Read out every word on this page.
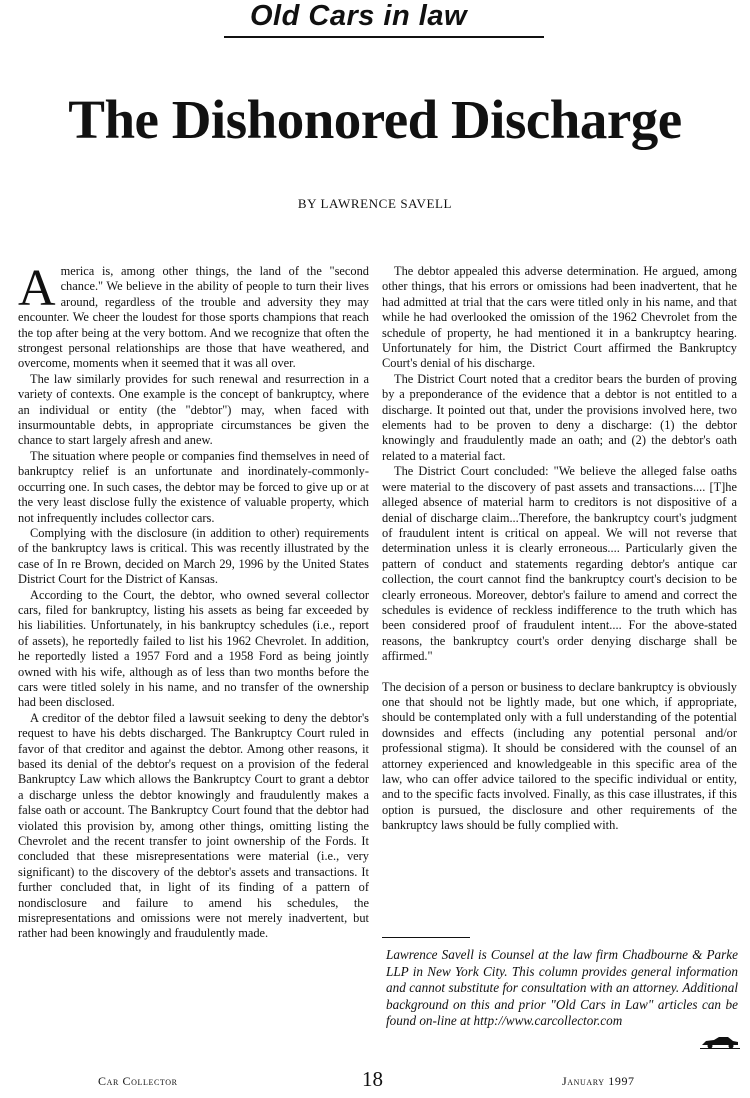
Old Cars in law
The Dishonored Discharge
BY LAWRENCE SAVELL

America is, among other things, the land of the "second chance." We believe in the ability of people to turn their lives around, regardless of the trouble and adversity they may encounter. We cheer the loudest for those sports champions that reach the top after being at the very bottom. And we recognize that often the strongest personal relationships are those that have weathered, and overcome, moments when it seemed that it was all over.

The law similarly provides for such renewal and resurrection in a variety of contexts. One example is the concept of bankruptcy, where an individual or entity (the "debtor") may, when faced with insurmountable debts, in appropriate circumstances be given the chance to start largely afresh and anew.

The situation where people or companies find themselves in need of bankruptcy relief is an unfortunate and inordinately-commonly-occurring one. In such cases, the debtor may be forced to give up or at the very least disclose fully the existence of valuable property, which not infrequently includes collector cars.

Complying with the disclosure (in addition to other) requirements of the bankruptcy laws is critical. This was recently illustrated by the case of In re Brown, decided on March 29, 1996 by the United States District Court for the District of Kansas.

According to the Court, the debtor, who owned several collector cars, filed for bankruptcy, listing his assets as being far exceeded by his liabilities. Unfortunately, in his bankruptcy schedules (i.e., report of assets), he reportedly failed to list his 1962 Chevrolet. In addition, he reportedly listed a 1957 Ford and a 1958 Ford as being jointly owned with his wife, although as of less than two months before the cars were titled solely in his name, and no transfer of the ownership had been disclosed.

A creditor of the debtor filed a lawsuit seeking to deny the debtor's request to have his debts discharged. The Bankruptcy Court ruled in favor of that creditor and against the debtor. Among other reasons, it based its denial of the debtor's request on a provision of the federal Bankruptcy Law which allows the Bankruptcy Court to grant a debtor a discharge unless the debtor knowingly and fraudulently makes a false oath or account. The Bankruptcy Court found that the debtor had violated this provision by, among other things, omitting listing the Chevrolet and the recent transfer to joint ownership of the Fords. It concluded that these misrepresentations were material (i.e., very significant) to the discovery of the debtor's assets and transactions. It further concluded that, in light of its finding of a pattern of nondisclosure and failure to amend his schedules, the misrepresentations and omissions were not merely inadvertent, but rather had been knowingly and fraudulently made.

The debtor appealed this adverse determination. He argued, among other things, that his errors or omissions had been inadvertent, that he had admitted at trial that the cars were titled only in his name, and that while he had overlooked the omission of the 1962 Chevrolet from the schedule of property, he had mentioned it in a bankruptcy hearing. Unfortunately for him, the District Court affirmed the Bankruptcy Court's denial of his discharge.

The District Court noted that a creditor bears the burden of proving by a preponderance of the evidence that a debtor is not entitled to a discharge. It pointed out that, under the provisions involved here, two elements had to be proven to deny a discharge: (1) the debtor knowingly and fraudulently made an oath; and (2) the debtor's oath related to a material fact.

The District Court concluded: "We believe the alleged false oaths were material to the discovery of past assets and transactions.... [T]he alleged absence of material harm to creditors is not dispositive of a denial of discharge claim...Therefore, the bankruptcy court's judgment of fraudulent intent is critical on appeal. We will not reverse that determination unless it is clearly erroneous.... Particularly given the pattern of conduct and statements regarding debtor's antique car collection, the court cannot find the bankruptcy court's decision to be clearly erroneous. Moreover, debtor's failure to amend and correct the schedules is evidence of reckless indifference to the truth which has been considered proof of fraudulent intent.... For the above-stated reasons, the bankruptcy court's order denying discharge shall be affirmed."

The decision of a person or business to declare bankruptcy is obviously one that should not be lightly made, but one which, if appropriate, should be contemplated only with a full understanding of the potential downsides and effects (including any potential personal and/or professional stigma). It should be considered with the counsel of an attorney experienced and knowledgeable in this specific area of the law, who can offer advice tailored to the specific individual or entity, and to the specific facts involved. Finally, as this case illustrates, if this option is pursued, the disclosure and other requirements of the bankruptcy laws should be fully complied with.

Lawrence Savell is Counsel at the law firm Chadbourne & Parke LLP in New York City. This column provides general information and cannot substitute for consultation with an attorney. Additional background on this and prior "Old Cars in Law" articles can be found on-line at http://www.carcollector.com
Car Collector	18	January 1997
